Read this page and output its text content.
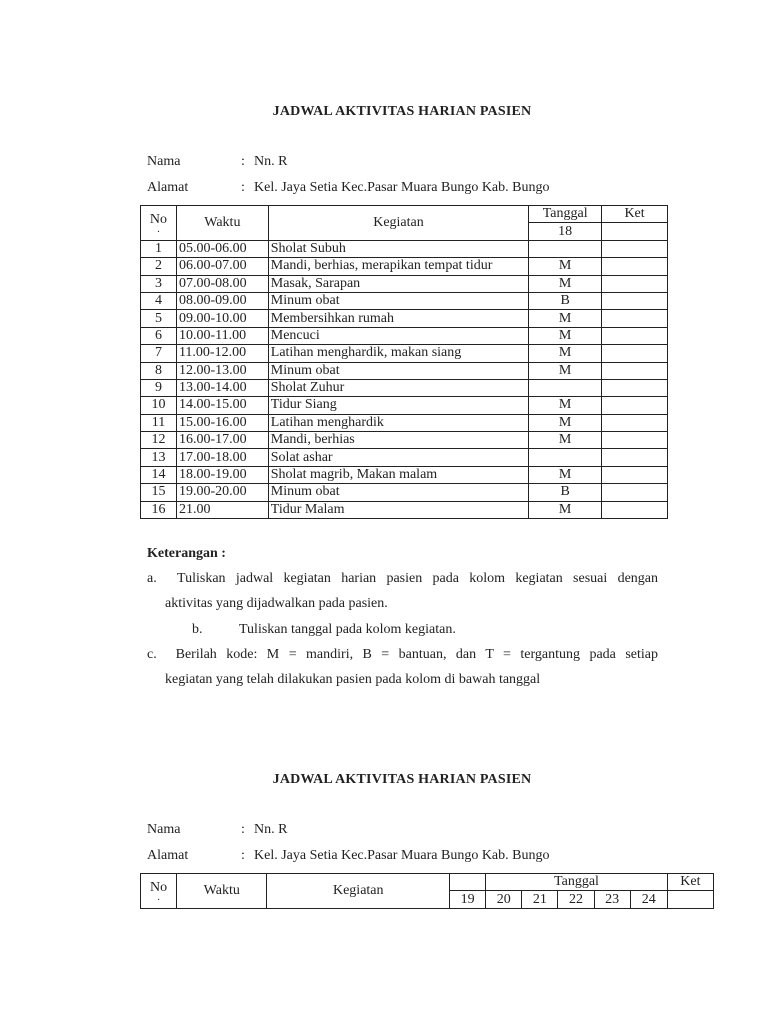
JADWAL AKTIVITAS HARIAN PASIEN
Nama	: Nn. R
Alamat	: Kel. Jaya Setia Kec.Pasar Muara Bungo Kab. Bungo
No
.	Waktu	Kegiatan	Tanggal	Ket
			18	
1	05.00-06.00	Sholat Subuh		
2	06.00-07.00	Mandi, berhias, merapikan tempat tidur	M	
3	07.00-08.00	Masak, Sarapan	M	
4	08.00-09.00	Minum obat	B	
5	09.00-10.00	Membersihkan rumah	M	
6	10.00-11.00	Mencuci	M	
7	11.00-12.00	Latihan menghardik, makan siang	M	
8	12.00-13.00	Minum obat	M	
9	13.00-14.00	Sholat Zuhur		
10	14.00-15.00	Tidur Siang	M	
11	15.00-16.00	Latihan menghardik	M	
12	16.00-17.00	Mandi, berhias	M	
13	17.00-18.00	Solat ashar		
14	18.00-19.00	Sholat magrib, Makan malam	M	
15	19.00-20.00	Minum obat	B	
16	21.00	Tidur Malam	M	
Keterangan :
a.  Tuliskan jadwal kegiatan harian pasien pada kolom kegiatan sesuai dengan
aktivitas yang dijadwalkan pada pasien.
b.	Tuliskan tanggal pada kolom kegiatan.
c.  Berilah kode: M = mandiri, B = bantuan, dan T = tergantung pada setiap
kegiatan yang telah dilakukan pasien pada kolom di bawah tanggal
JADWAL AKTIVITAS HARIAN PASIEN
Nama	: Nn. R
Alamat	: Kel. Jaya Setia Kec.Pasar Muara Bungo Kab. Bungo
No
.	Waktu	Kegiatan		Tanggal					Ket
			19	20	21	22	23	24	
